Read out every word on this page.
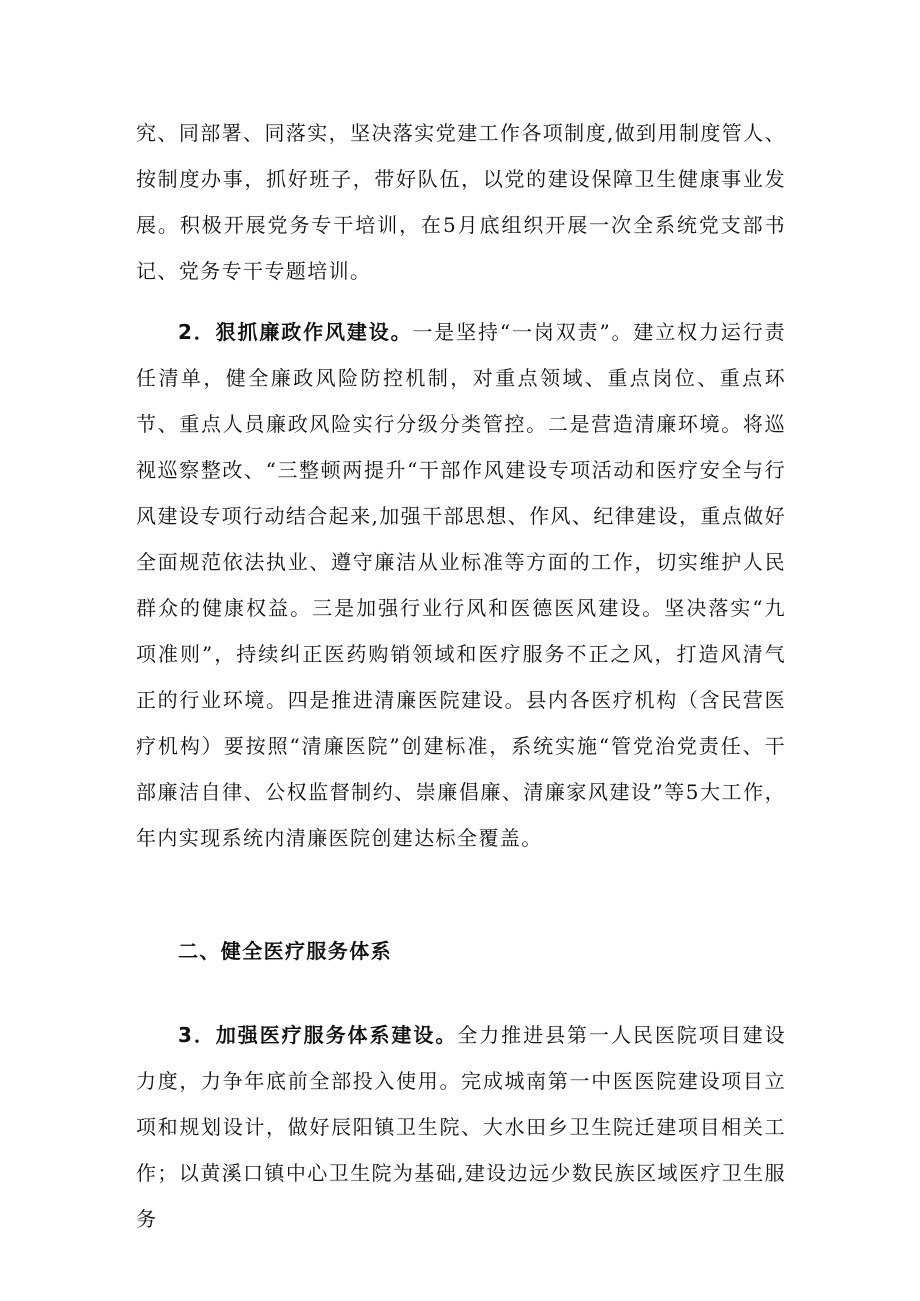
究、同部署、同落实，坚决落实党建工作各项制度,做到用制度管人、按制度办事，抓好班子，带好队伍，以党的建设保障卫生健康事业发展。积极开展党务专干培训，在5月底组织开展一次全系统党支部书记、党务专干专题培训。

2．狠抓廉政作风建设。一是坚持“一岗双责”。建立权力运行责任清单，健全廉政风险防控机制，对重点领域、重点岗位、重点环节、重点人员廉政风险实行分级分类管控。二是营造清廉环境。将巡视巡察整改、“三整顿两提升“干部作风建设专项活动和医疗安全与行风建设专项行动结合起来,加强干部思想、作风、纪律建设，重点做好全面规范依法执业、遵守廉洁从业标准等方面的工作，切实维护人民群众的健康权益。三是加强行业行风和医德医风建设。坚决落实“九项准则”，持续纠正医药购销领域和医疗服务不正之风，打造风清气正的行业环境。四是推进清廉医院建设。县内各医疗机构（含民营医疗机构）要按照“清廉医院”创建标准，系统实施“管党治党责任、干部廉洁自律、公权监督制约、崇廉倡廉、清廉家风建设”等5大工作，年内实现系统内清廉医院创建达标全覆盖。

二、健全医疗服务体系

3．加强医疗服务体系建设。全力推进县第一人民医院项目建设力度，力争年底前全部投入使用。完成城南第一中医医院建设项目立项和规划设计，做好辰阳镇卫生院、大水田乡卫生院迁建项目相关工作；以黄溪口镇中心卫生院为基础,建设边远少数民族区域医疗卫生服务
